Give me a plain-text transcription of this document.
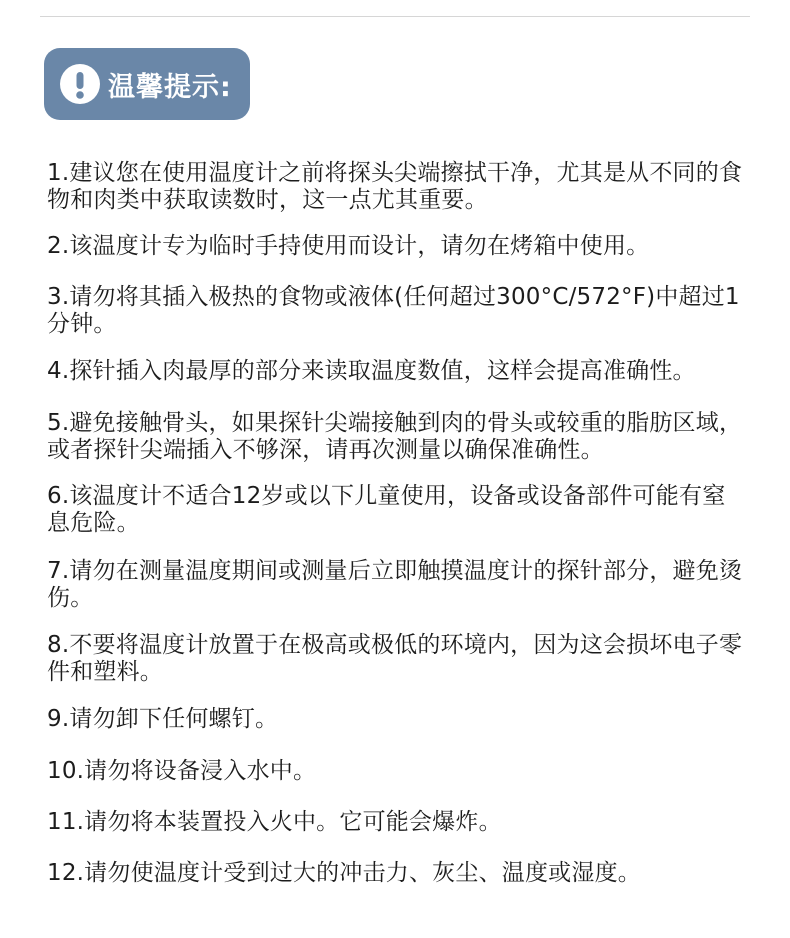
温馨提示:
1.建议您在使用温度计之前将探头尖端擦拭干净，尤其是从不同的食物和肉类中获取读数时，这一点尤其重要。
2.该温度计专为临时手持使用而设计，请勿在烤箱中使用。
3.请勿将其插入极热的食物或液体(任何超过300°C/572°F)中超过1分钟。
4.探针插入肉最厚的部分来读取温度数值，这样会提高准确性。
5.避免接触骨头，如果探针尖端接触到肉的骨头或较重的脂肪区域，或者探针尖端插入不够深，请再次测量以确保准确性。
6.该温度计不适合12岁或以下儿童使用，设备或设备部件可能有窒息危险。
7.请勿在测量温度期间或测量后立即触摸温度计的探针部分，避免烫伤。
8.不要将温度计放置于在极高或极低的环境内，因为这会损坏电子零件和塑料。
9.请勿卸下任何螺钉。
10.请勿将设备浸入水中。
11.请勿将本装置投入火中。它可能会爆炸。
12.请勿使温度计受到过大的冲击力、灰尘、温度或湿度。
